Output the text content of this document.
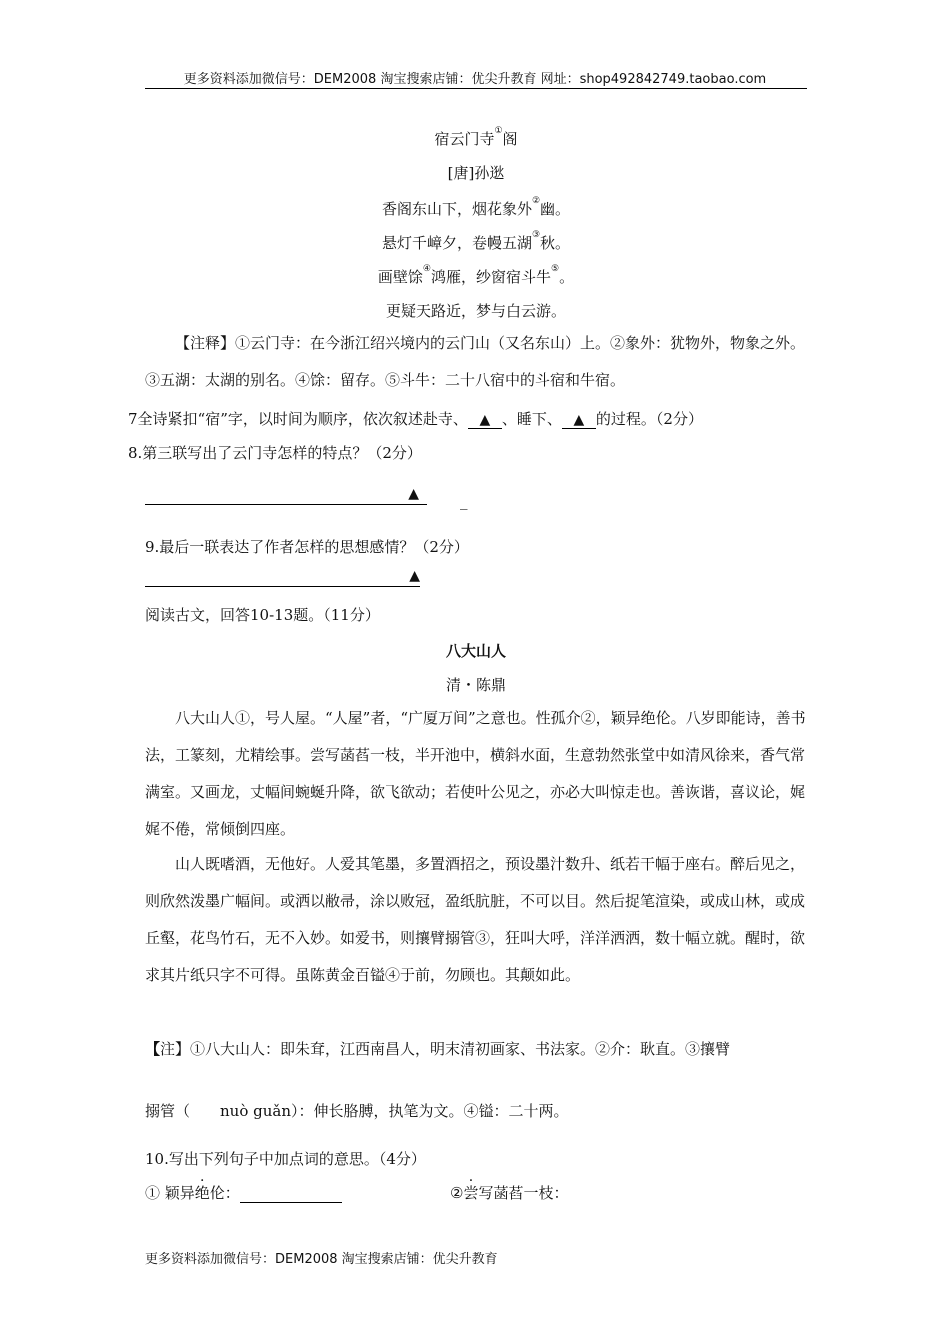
更多资料添加微信号：DEM2008 淘宝搜索店铺：优尖升教育 网址：shop492842749.taobao.com
宿云门寺①阁
[唐]孙逖
香阁东山下，烟花象外②幽。
悬灯千嶂夕，卷幔五湖③秋。
画壁馀④鸿雁，纱窗宿斗牛⑤。
更疑天路近，梦与白云游。
【注释】①云门寺：在今浙江绍兴境内的云门山（又名东山）上。②象外：犹物外，物象之外。③五湖：太湖的别名。④馀：留存。⑤斗牛：二十八宿中的斗宿和牛宿。
7全诗紧扣“宿”字，以时间为顺序，依次叙述赴寺、 ▲ 、睡下、 ▲ 的过程。（2分）
8.第三联写出了云门寺怎样的特点？（2分）
▲	_
9.最后一联表达了作者怎样的思想感情？（2分）
▲
阅读古文，回答10-13题。（11分）
八大山人
清・陈鼎
八大山人①，号人屋。“人屋”者，“广厦万间”之意也。性孤介②，颖异绝伦。八岁即能诗，善书法，工篆刻，尤精绘事。尝写菡萏一枝，半开池中，横斜水面，生意勃然张堂中如清风徐来，香气常满室。又画龙，丈幅间蜿蜒升降，欲飞欲动；若使叶公见之，亦必大叫惊走也。善诙谐，喜议论，娓娓不倦，常倾倒四座。
山人既嗜酒，无他好。人爱其笔墨，多置酒招之，预设墨汁数升、纸若干幅于座右。醉后见之，则欣然泼墨广幅间。或洒以敝帚，涂以败冠，盈纸肮脏，不可以目。然后捉笔渲染，或成山林，或成丘壑，花鸟竹石，无不入妙。如爱书，则攘臂搦管③，狂叫大呼，洋洋洒洒，数十幅立就。醒时，欲求其片纸只字不可得。虽陈黄金百镒④于前，勿顾也。其颠如此。
【注】①八大山人：即朱耷，江西南昌人，明末清初画家、书法家。②介：耿直。③攘臂
搦管（　　nuò guǎn）：伸长胳膊，执笔为文。④镒：二十两。
10.写出下列句子中加点词的意思。（4分）
① 颖异绝伦：	②尝写菡萏一枝：
更多资料添加微信号：DEM2008 淘宝搜索店铺：优尖升教育
